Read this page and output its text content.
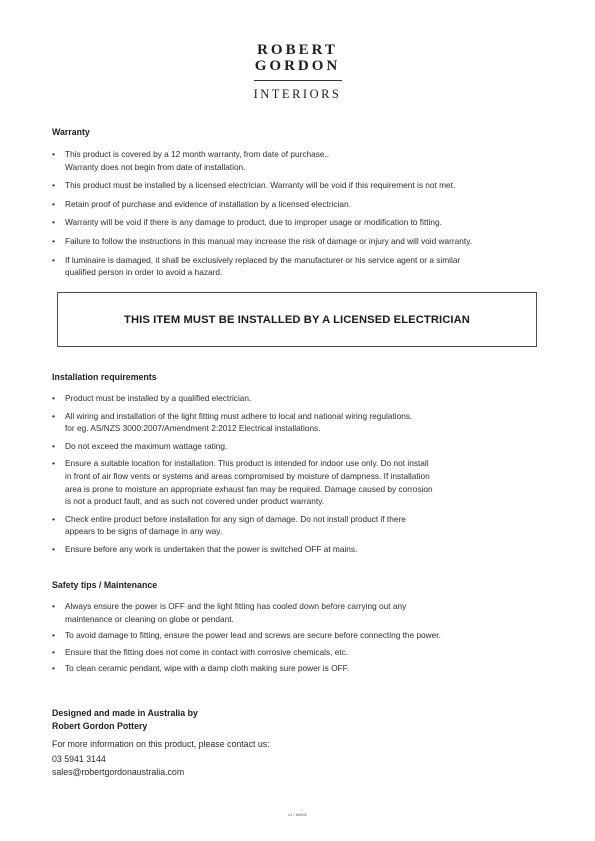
ROBERT
GORDON
INTERIORS
Warranty
• This product is covered by a 12 month warranty, from date of purchase..
Warranty does not begin from date of installation.
• This product must be installed by a licensed electrician. Warranty will be void if this requirement is not met.
• Retain proof of purchase and evidence of installation by a licensed electrician.
• Warranty will be void if there is any damage to product, due to improper usage or modification to fitting.
• Failure to follow the instructions in this manual may increase the risk of damage or injury and will void warranty.
• If luminaire is damaged, it shall be exclusively replaced by the manufacturer or his service agent or a similar
qualified person in order to avoid a hazard.
THIS ITEM MUST BE INSTALLED BY A LICENSED ELECTRICIAN
Installation requirements
• Product must be installed by a qualified electrician.
• All wiring and installation of the light fitting must adhere to local and national wiring regulations.
for eg. AS/NZS 3000:2007/Amendment 2:2012 Electrical installations.
• Do not exceed the maximum wattage rating.
• Ensure a suitable location for installation. This product is intended for indoor use only. Do not install
in front of air flow vents or systems and areas compromised by moisture of dampness. If installation
area is prone to moisture an appropriate exhaust fan may be required. Damage caused by corrosion
is not a product fault, and as such not covered under product warranty.
• Check entire product before installation for any sign of damage. Do not install product if there
appears to be signs of damage in any way.
• Ensure before any work is undertaken that the power is switched OFF at mains.
Safety tips / Maintenance
• Always ensure the power is OFF and the light fitting has cooled down before carrying out any
maintenance or cleaning on globe or pendant.
• To avoid damage to fitting, ensure the power lead and screws are secure before connecting the power.
• Ensure that the fitting does not come in contact with corrosive chemicals, etc.
• To clean ceramic pendant, wipe with a damp cloth making sure power is OFF.
Designed and made in Australia by
Robert Gordon Pottery
For more information on this product, please contact us:
03 5941 3144
sales@robertgordonaustralia.com
v1 / #0000
